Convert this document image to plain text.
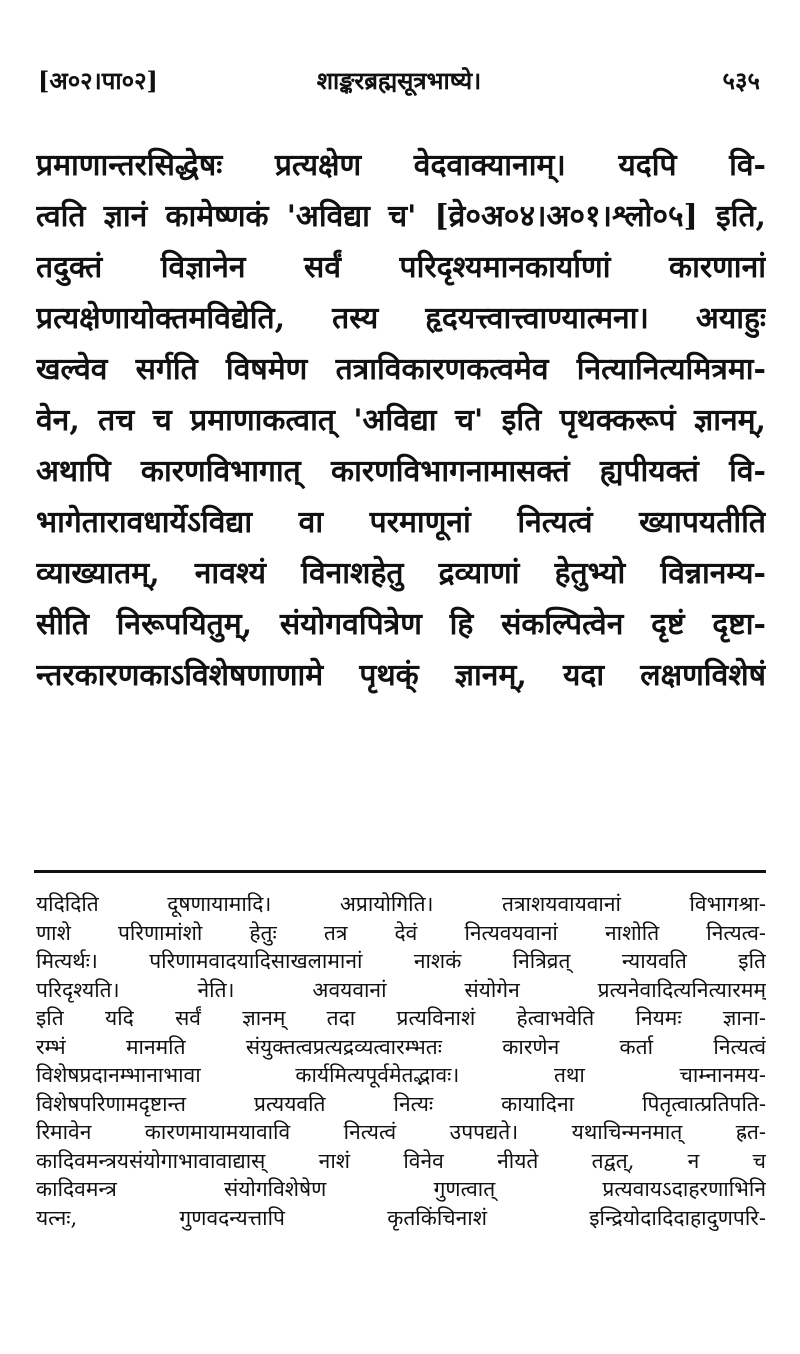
[अ०२।पा०२]	शाङ्करब्रह्मसूत्रभाष्ये।	५३५
प्रमाणान्तरसिद्धेषः प्रत्यक्षेण वेदवाक्यानाम्। यदपि वि-
त्वति ज्ञानं कामेष्णकं 'अविद्या च' [व्रे०अ०४।अ०१।श्लो०५] इति,
तदुक्तं विज्ञानेन सर्वं परिदृश्यमानकार्याणां कारणानां
प्रत्यक्षेणायोक्तमविद्येति, तस्य हृदयत्त्वात्त्वाण्यात्मना। अयाहुः
खल्वेव सर्गति विषमेण तत्राविकारणकत्वमेव नित्यानित्यमित्रमा-
वेन, तच च प्रमाणाकत्वात् 'अविद्या च' इति पृथक्करूपं ज्ञानम्,
अथापि कारणविभागात् कारणविभागनामासक्तं ह्यपीयक्तं वि-
भागेतारावधार्येऽविद्या वा परमाणूनां नित्यत्वं ख्यापयतीति
व्याख्यातम्, नावश्यं विनाशहेतु द्रव्याणां हेतुभ्यो विन्नानम्य-
सीति निरूपयितुम्, संयोगवपित्रेण हि संकल्पित्वेन दृष्टं दृष्टा-
न्तरकारणकाऽविशेषणाणामे पृथक्ं ज्ञानम्, यदा लक्षणविशेषं
यदिदिति दूषणायामादि। अप्रायोगिति। तत्राशयवायवानां विभागश्रा-
णाशे परिणामांशो हेतुः तत्र देवं नित्यवयवानां नाशोति नित्यत्व-
मित्यर्थः। परिणामवादयादिसाखलामानां नाशकं नित्रिव्रत् न्यायवति इति
परिदृश्यति। नेति। अवयवानां संयोगेन प्रत्यनेवादित्यनित्यारमम्
इति यदि सर्वं ज्ञानम् तदा प्रत्यविनाशं हेत्वाभवेति नियमः ज्ञाना-
रम्भं मानमति संयुक्तत्वप्रत्यद्रव्यत्वारम्भतः कारणेन कर्ता नित्यत्वं
विशेषप्रदानम्भानाभावा कार्यमित्यपूर्वमेतद्भावः। तथा चाम्नानमय-
विशेषपरिणामदृष्टान्त प्रत्ययवति नित्यः कायादिना पितृत्वात्प्रतिपति-
रिमावेन कारणमायामयावावि नित्यत्वं उपपद्यते। यथाचिन्मनमात् ह्रत-
कादिवमन्त्रयसंयोगाभावावाद्यास् नाशं विनेव नीयते तद्वत्, न च
कादिवमन्त्र संयोगविशेषेण गुणत्वात् प्रत्यवायऽदाहरणाभिनि
यत्नः, गुणवदन्यत्तापि कृतकिंचिनाशं इन्द्रियोदादिदाहादुणपरि-
